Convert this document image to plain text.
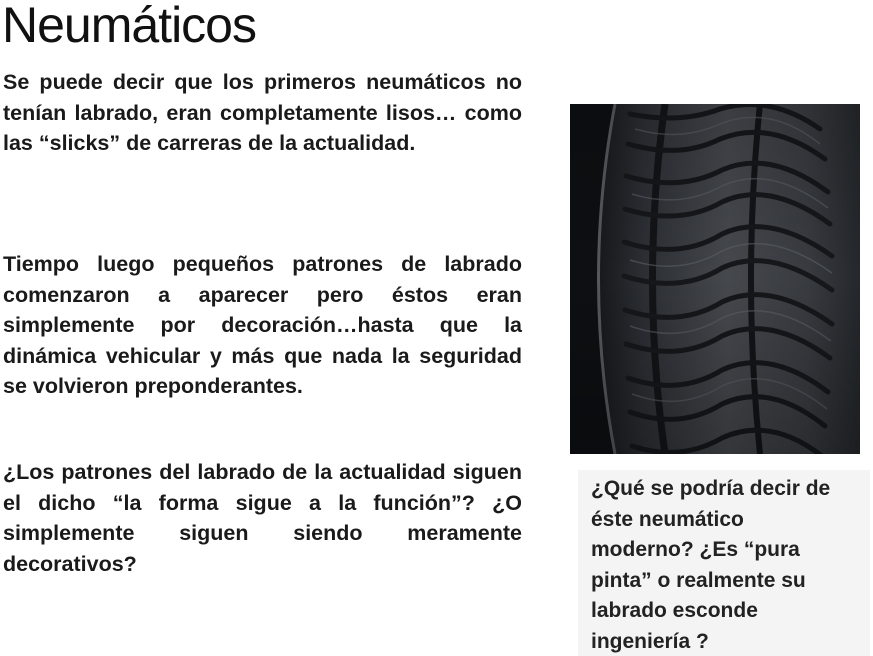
Neumáticos

Se puede decir que los primeros neumáticos no tenían labrado, eran completamente lisos… como las “slicks” de carreras de la actualidad.

Tiempo luego pequeños patrones de labrado comenzaron a aparecer pero éstos eran simplemente por decoración…hasta que la dinámica vehicular y más que nada la seguridad se volvieron preponderantes.

¿Los patrones del labrado de la actualidad siguen el dicho “la forma sigue a la función”? ¿O simplemente siguen siendo meramente decorativos?

¿Qué se podría decir de éste neumático moderno? ¿Es “pura pinta” o realmente su labrado esconde ingeniería ?
